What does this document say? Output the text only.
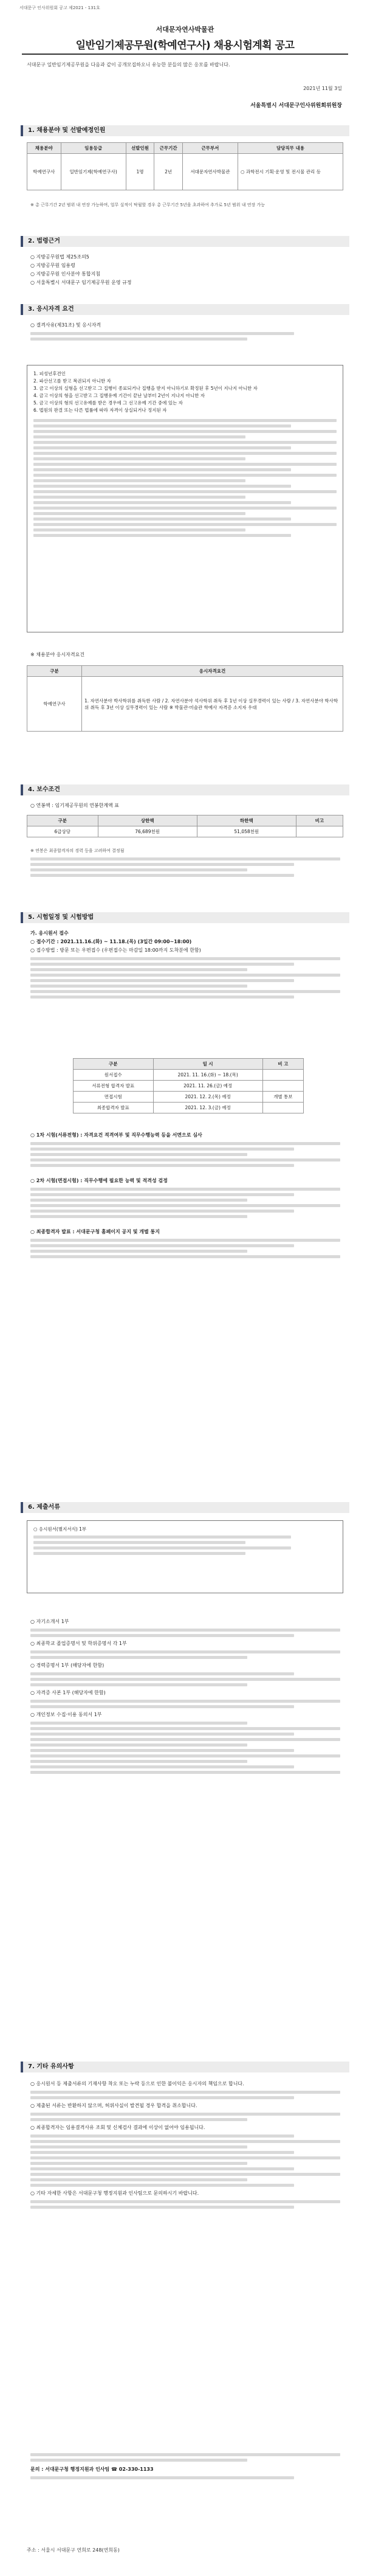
서대문구 인사위원회 공고 제2021 - 131호
서대문자연사박물관
일반임기제공무원(학예연구사) 채용시험계획 공고
서대문구 일반임기제공무원을 다음과 같이 공개모집하오니 유능한 분들의 많은 응모를 바랍니다.
2021년 11월 3일
서울특별시 서대문구인사위원회위원장
1. 채용분야 및 선발예정인원
채용분야	임용등급	선발인원	근무기간	근무부서	담당직무 내용
학예연구사	일반임기제(학예연구사)	1명	2년	서대문자연사박물관	○ 과학전시 기획·운영 및 전시물 관리 등
※ 총 근무기간 2년 범위 내 연장 가능하며, 업무 실적이 탁월할 경우 총 근무기간 5년을 초과하여 추가로 5년 범위 내 연장 가능
2. 법령근거
○ 지방공무원법 제25조의5
○ 지방공무원 임용령
○ 지방공무원 인사분야 통합지침
○ 서울특별시 서대문구 임기제공무원 운영 규정
3. 응시자격 요건
○ 결격사유(제31조) 및 응시자격
1. 피성년후견인
2. 파산선고를 받고 복권되지 아니한 자
3. 금고 이상의 실형을 선고받고 그 집행이 종료되거나 집행을 받지 아니하기로 확정된 후 5년이 지나지 아니한 자
4. 금고 이상의 형을 선고받고 그 집행유예 기간이 끝난 날부터 2년이 지나지 아니한 자
5. 금고 이상의 형의 선고유예를 받은 경우에 그 선고유예 기간 중에 있는 자
6. 법원의 판결 또는 다른 법률에 따라 자격이 상실되거나 정지된 자
※ 채용분야 응시자격요건
구분	응시자격요건
학예연구사	1. 자연사분야 박사학위를 취득한 사람 / 2. 자연사분야 석사학위 취득 후 1년 이상 실무경력이 있는 사람 / 3. 자연사분야 학사학위 취득 후 3년 이상 실무경력이 있는 사람 ※ 박물관·미술관 학예사 자격증 소지자 우대
4. 보수조건
○ 연봉액 : 임기제공무원의 연봉한계액 표
구분	상한액	하한액	비고
6급상당	76,689천원	51,058천원	
※ 연봉은 최종합격자의 경력 등을 고려하여 결정됨
5. 시험일정 및 시험방법
가. 응시원서 접수
○ 접수기간 : 2021.11.16.(화) ~ 11.18.(목) (3일간 09:00~18:00)
○ 접수방법 : 방문 또는 우편접수 (우편접수는 마감일 18:00까지 도착분에 한함)
구분	일 시	비 고
원서접수	2021. 11. 16.(화) ~ 18.(목)	
서류전형 합격자 발표	2021. 11. 26.(금) 예정	
면접시험	2021. 12. 2.(목) 예정	개별 통보
최종합격자 발표	2021. 12. 3.(금) 예정	
○ 1차 시험(서류전형) : 자격요건 적격여부 및 직무수행능력 등을 서면으로 심사
○ 2차 시험(면접시험) : 직무수행에 필요한 능력 및 적격성 검정
○ 최종합격자 발표 : 서대문구청 홈페이지 공지 및 개별 통지
6. 제출서류
○ 응시원서(별지서식) 1부
○ 자기소개서 1부
○ 최종학교 졸업증명서 및 학위증명서 각 1부
○ 경력증명서 1부 (해당자에 한함)
○ 자격증 사본 1부 (해당자에 한함)
○ 개인정보 수집·이용 동의서 1부
7. 기타 유의사항
○ 응시원서 등 제출서류의 기재사항 착오 또는 누락 등으로 인한 불이익은 응시자의 책임으로 합니다.
○ 제출된 서류는 반환하지 않으며, 허위사실이 발견될 경우 합격을 취소합니다.
○ 최종합격자는 임용결격사유 조회 및 신체검사 결과에 이상이 없어야 임용됩니다.
○ 기타 자세한 사항은 서대문구청 행정지원과 인사팀으로 문의하시기 바랍니다.
문의 : 서대문구청 행정지원과 인사팀 ☎ 02-330-1133
주소 : 서울시 서대문구 연희로 248(연희동)
